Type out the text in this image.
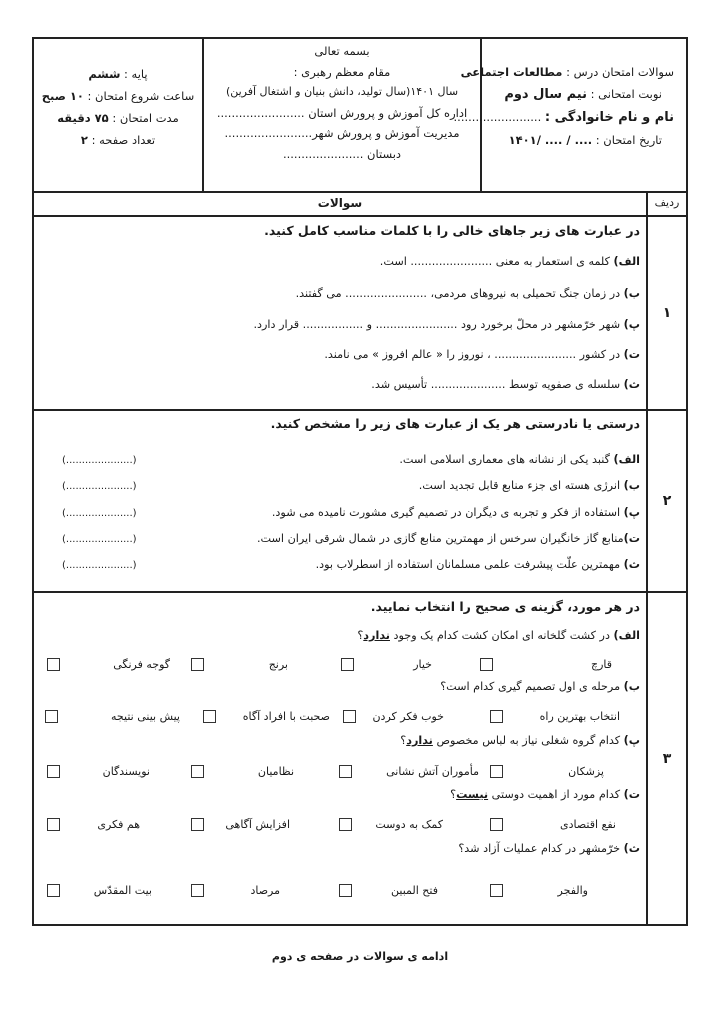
سوالات امتحان درس : مطالعات اجتماعی
نوبت امتحانی : نیم سال دوم
نام و نام خانوادگی : ........................
تاریخ امتحان : .... / .... /۱۴۰۱
بسمه تعالی
مقام معظم رهبری :
سال ۱۴۰۱(سال تولید، دانش بنیان و اشتغال آفرین)
اداره کل آموزش و پرورش استان ........................
مدیریت آموزش و پرورش شهر........................
دبستان ......................
پایه : ششم
ساعت شروع امتحان : ۱۰ صبح
مدت امتحان : ۷۵ دقیقه
تعداد صفحه : ۲
ردیف
سوالات
۱
در عبارت های زیر جاهای خالی را با کلمات مناسب کامل کنید.
الف) کلمه ی استعمار به معنی ....................... است.
ب) در زمان جنگ تحمیلی به نیروهای مردمی، ....................... می گفتند.
پ) شهر خرّمشهر در محلّ برخورد رود ....................... و ................. قرار دارد.
ت) در کشور ....................... ، نوروز را « عالم افروز » می نامند.
ث) سلسله ی صفویه توسط ..................... تأسیس شد.
۲
درستی یا نادرستی هر یک از عبارت های زیر را مشخص کنید.
الف) گنبد یکی از نشانه های معماری اسلامی است.
(.....................)
ب) انرژی هسته ای جزء منابع قابل تجدید است.
(.....................)
پ) استفاده از فکر و تجربه ی دیگران در تصمیم گیری مشورت نامیده می شود.
(.....................)
ت)منابع گاز خانگیران سرخس از مهمترین منابع گازی در شمال شرقی ایران است.
(.....................)
ث) مهمترین علّت پیشرفت علمی مسلمانان استفاده از اسطرلاب بود.
(.....................)
۳
در هر مورد، گزینه ی صحیح را انتخاب نمایید.
الف) در کشت گلخانه ای امکان کشت کدام یک وجود ندارد؟
قارچ
خیار
برنج
گوجه فرنگی
ب) مرحله ی اول تصمیم گیری کدام است؟
انتخاب بهترین راه
خوب فکر کردن
صحبت با افراد آگاه
پیش بینی نتیجه
پ) کدام گروه شغلی نیاز به لباس مخصوص ندارد؟
پزشکان
مأموران آتش نشانی
نظامیان
نویسندگان
ت) کدام مورد از اهمیت دوستی نیست؟
نفع اقتصادی
کمک به دوست
افزایش آگاهی
هم فکری
ث) خرّمشهر در کدام عملیات آزاد شد؟
والفجر
فتح المبین
مرصاد
بیت المقدّس
ادامه ی سوالات در صفحه ی دوم
